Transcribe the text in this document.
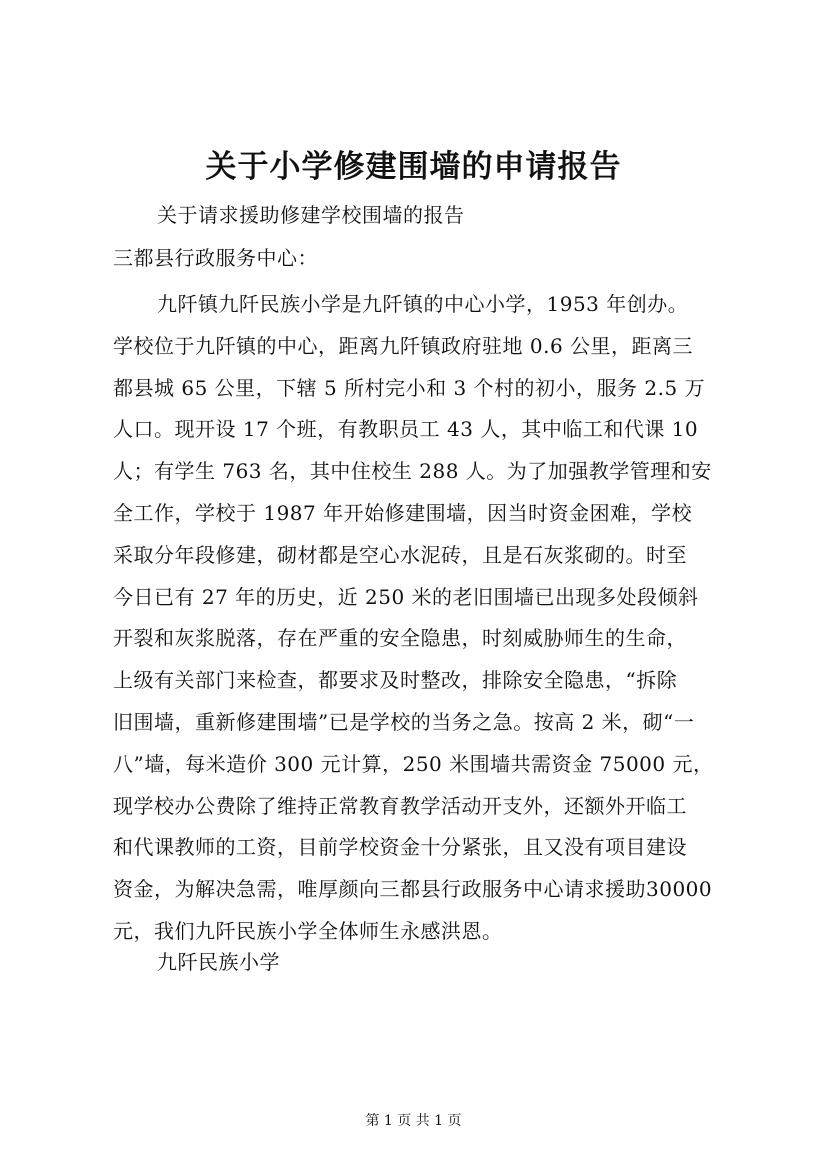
关于小学修建围墙的申请报告
关于请求援助修建学校围墙的报告
三都县行政服务中心：
九阡镇九阡民族小学是九阡镇的中心小学，1953 年创办。
学校位于九阡镇的中心，距离九阡镇政府驻地 0.6 公里，距离三
都县城 65 公里，下辖 5 所村完小和 3 个村的初小，服务 2.5 万
人口。现开设 17 个班，有教职员工 43 人，其中临工和代课 10
人；有学生 763 名，其中住校生 288 人。为了加强教学管理和安
全工作，学校于 1987 年开始修建围墙，因当时资金困难，学校
采取分年段修建，砌材都是空心水泥砖，且是石灰浆砌的。时至
今日已有 27 年的历史，近 250 米的老旧围墙已出现多处段倾斜
开裂和灰浆脱落，存在严重的安全隐患，时刻威胁师生的生命，
上级有关部门来检查，都要求及时整改，排除安全隐患，“拆除
旧围墙，重新修建围墙”已是学校的当务之急。按高 2 米，砌“一
八”墙，每米造价 300 元计算，250 米围墙共需资金 75000 元，
现学校办公费除了维持正常教育教学活动开支外，还额外开临工
和代课教师的工资，目前学校资金十分紧张，且又没有项目建设
资金，为解决急需，唯厚颜向三都县行政服务中心请求援助30000
元，我们九阡民族小学全体师生永感洪恩。
九阡民族小学
第 1 页 共 1 页
